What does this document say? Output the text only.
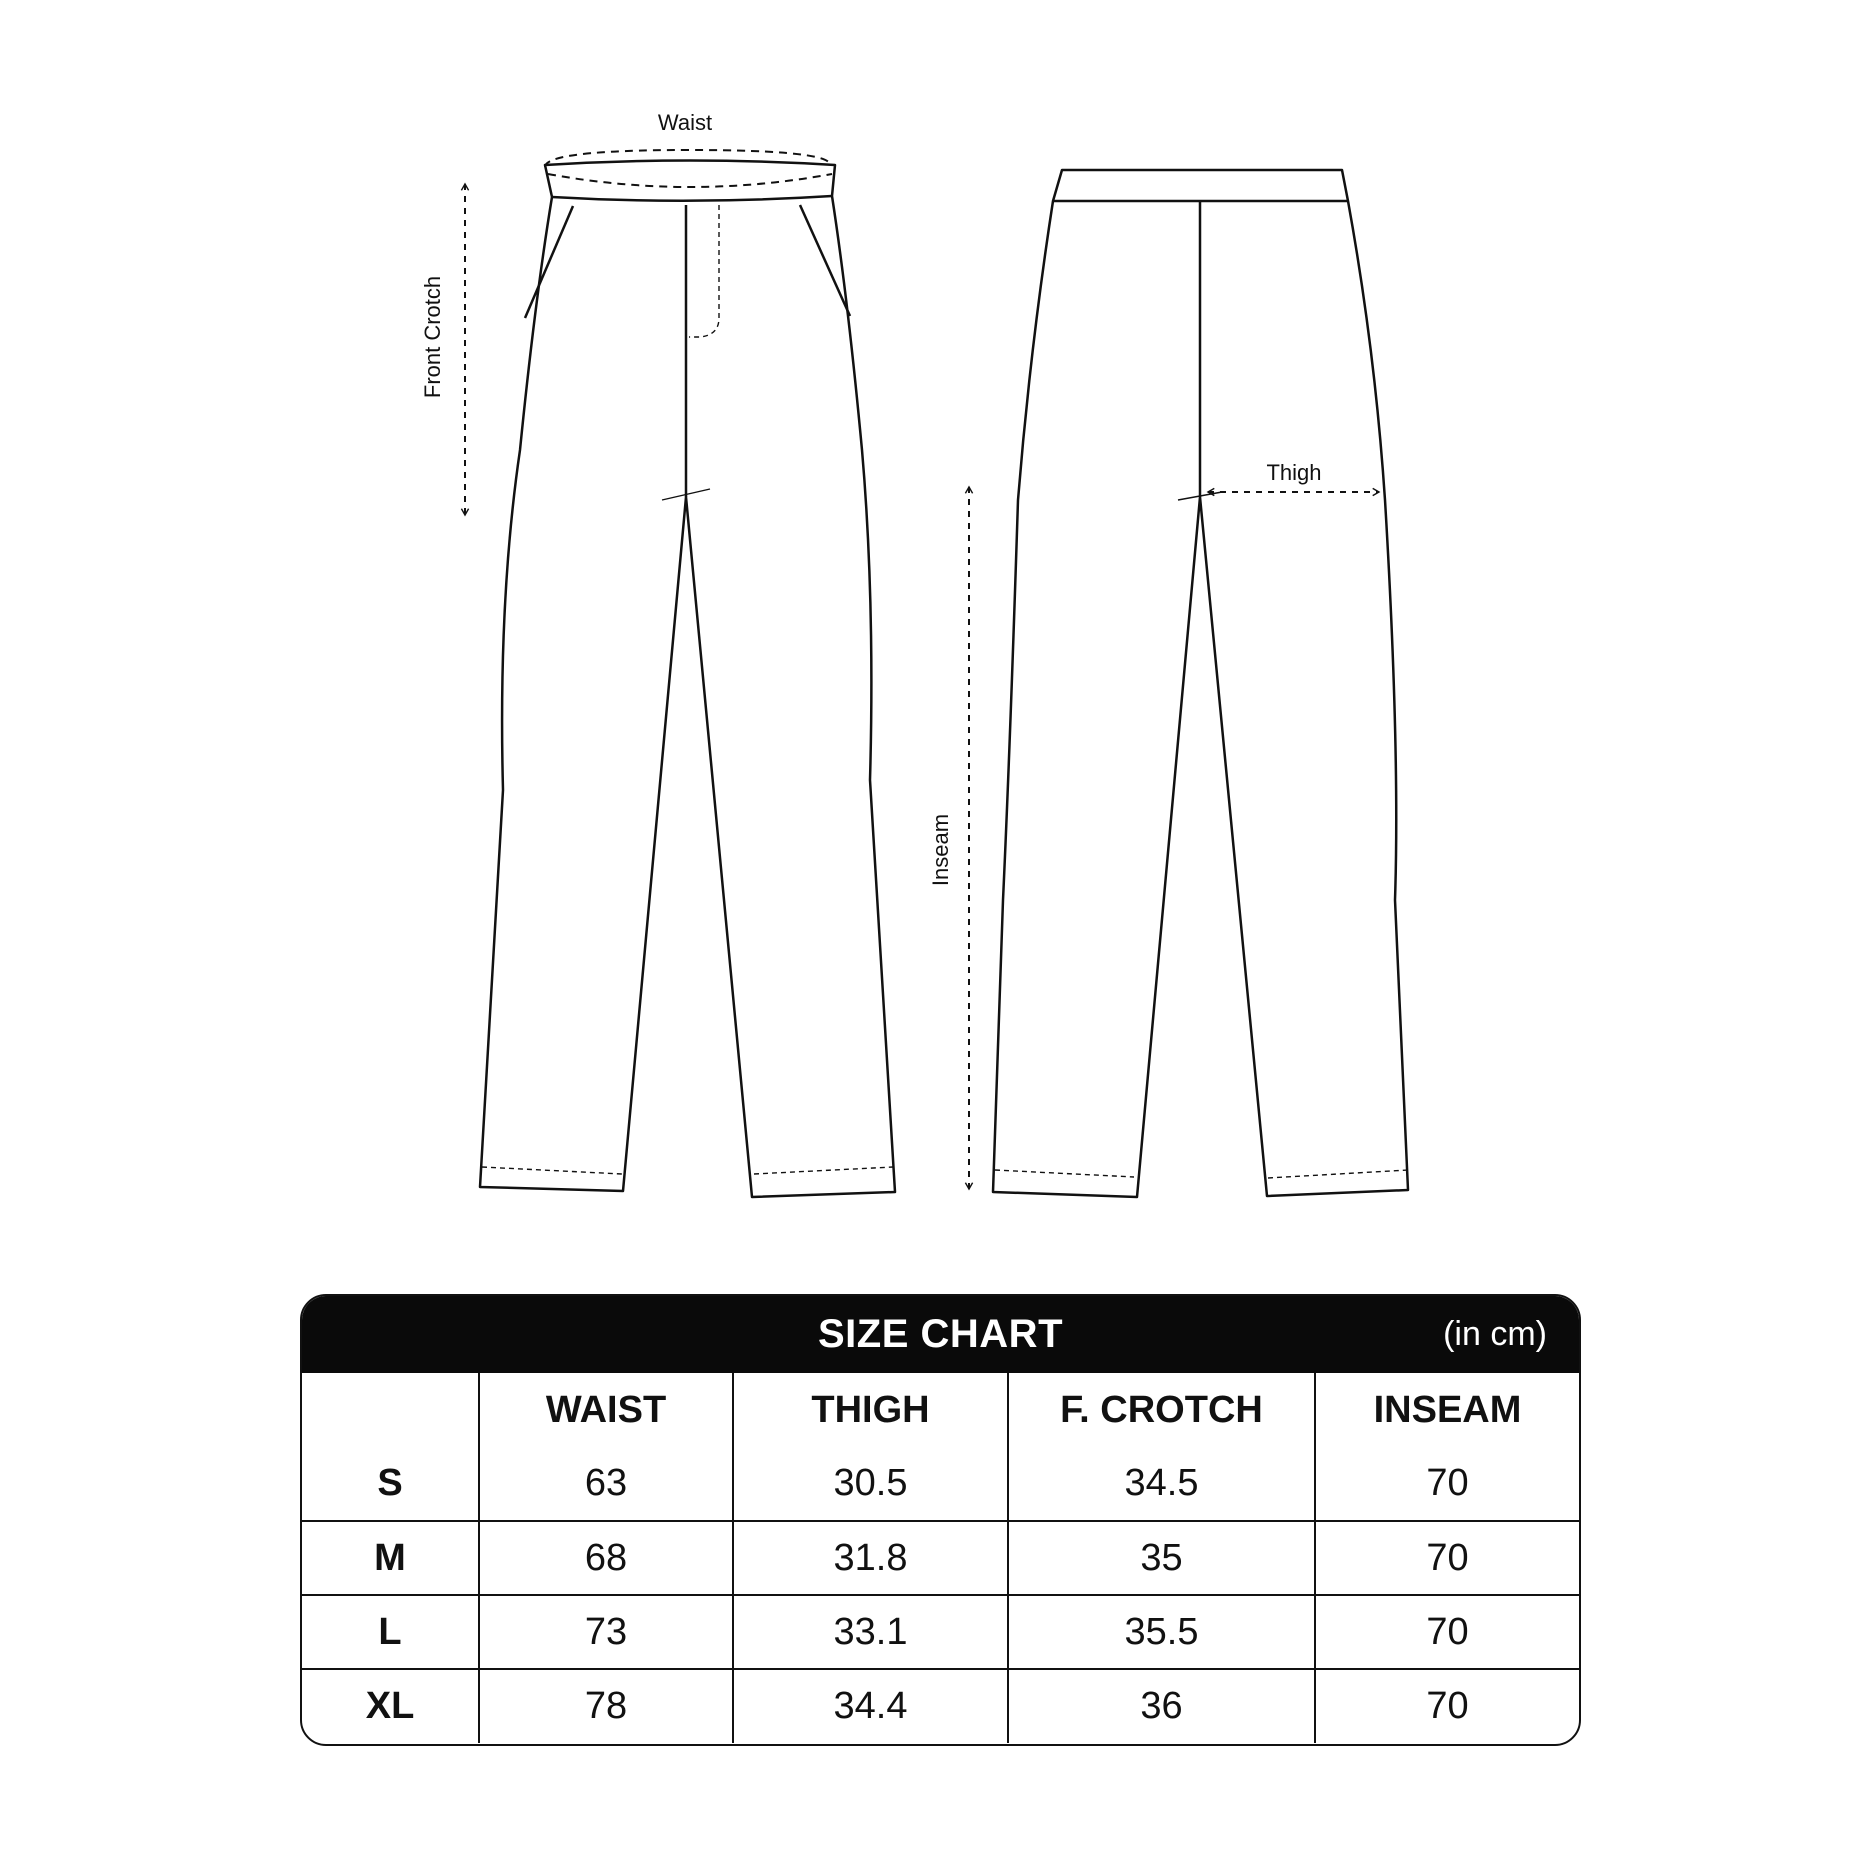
Waist
Front Crotch
Thigh
Inseam
SIZE CHART	(in cm)
	WAIST	THIGH	F. CROTCH	INSEAM
S	63	30.5	34.5	70
M	68	31.8	35	70
L	73	33.1	35.5	70
XL	78	34.4	36	70
